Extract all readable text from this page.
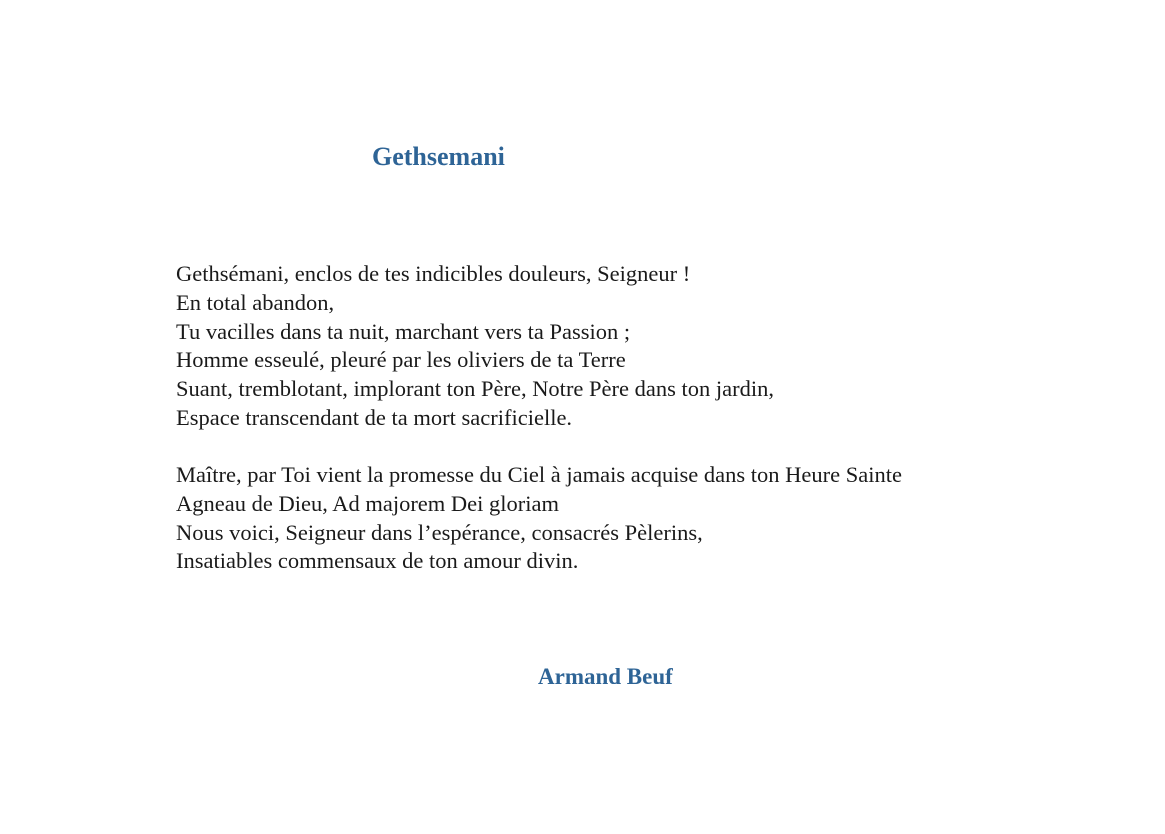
Gethsemani
Gethsémani, enclos de tes indicibles douleurs, Seigneur !
En total abandon,
Tu vacilles dans ta nuit, marchant vers ta Passion ;
Homme esseulé, pleuré par les oliviers de ta Terre
Suant, tremblotant, implorant ton Père, Notre Père dans ton jardin,
Espace transcendant de ta mort sacrificielle.
Maître, par Toi vient la promesse du Ciel à jamais acquise dans ton Heure Sainte
Agneau de Dieu, Ad majorem Dei gloriam
Nous voici, Seigneur dans l’espérance, consacrés Pèlerins,
Insatiables commensaux de ton amour divin.
Armand Beuf
